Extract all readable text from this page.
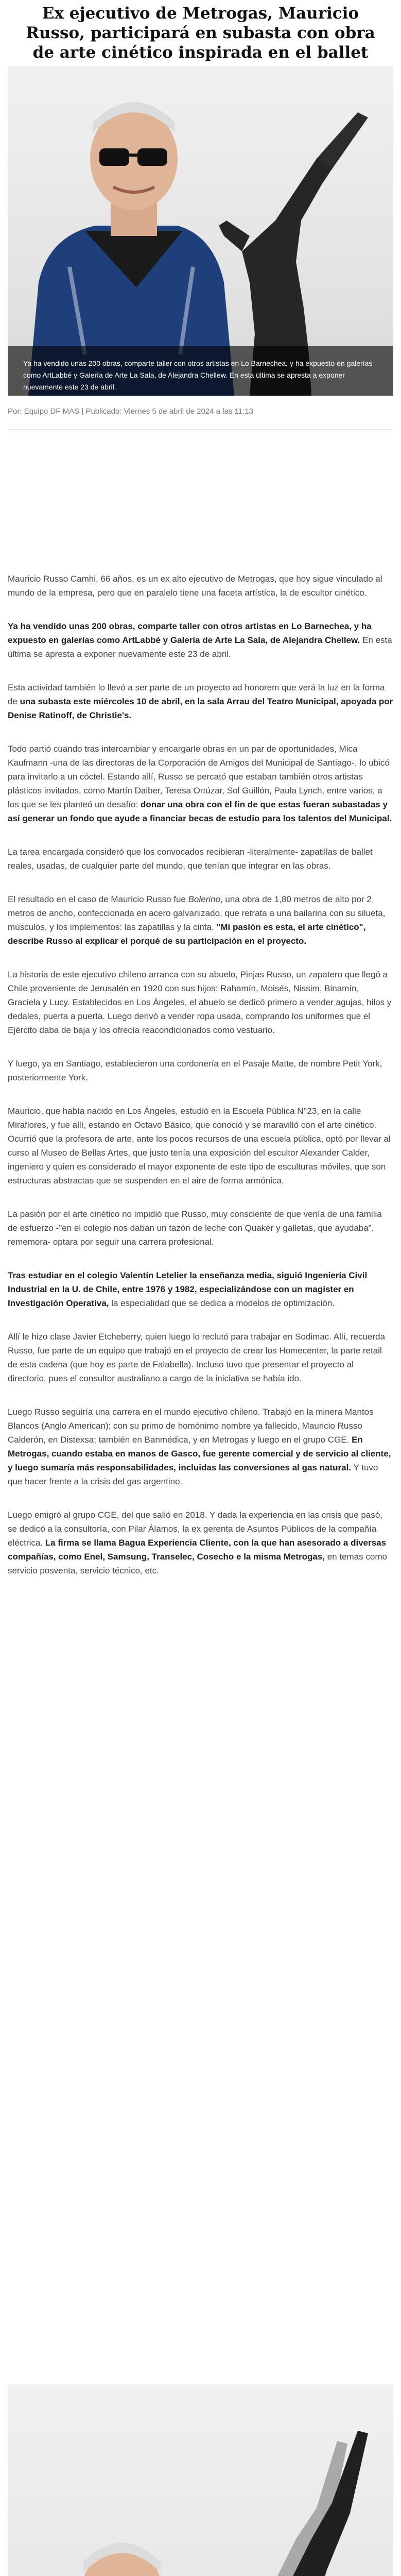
Ex ejecutivo de Metrogas, Mauricio Russo, participará en subasta con obra de arte cinético inspirada en el ballet
Ya ha vendido unas 200 obras, comparte taller con otros artistas en Lo Barnechea, y ha expuesto en galerías como ArtLabbé y Galería de Arte La Sala, de Alejandra Chellew. En esta última se apresta a exponer nuevamente este 23 de abril.
Por: Equipo DF MAS | Publicado: Viernes 5 de abril de 2024 a las 11:13

Mauricio Russo Camhi, 66 años, es un ex alto ejecutivo de Metrogas, que hoy sigue vinculado al mundo de la empresa, pero que en paralelo tiene una faceta artística, la de escultor cinético.

Ya ha vendido unas 200 obras, comparte taller con otros artistas en Lo Barnechea, y ha expuesto en galerías como ArtLabbé y Galería de Arte La Sala, de Alejandra Chellew. En esta última se apresta a exponer nuevamente este 23 de abril.

Esta actividad también lo llevó a ser parte de un proyecto ad honorem que verá la luz en la forma de una subasta este miércoles 10 de abril, en la sala Arrau del Teatro Municipal, apoyada por Denise Ratinoff, de Christie's.

Todo partió cuando tras intercambiar y encargarle obras en un par de oportunidades, Mica Kaufmann -una de las directoras de la Corporación de Amigos del Municipal de Santiago-, lo ubicó para invitarlo a un cóctel. Estando allí, Russo se percató que estaban también otros artistas plásticos invitados, como Martín Daiber, Teresa Ortúzar, Sol Guillón, Paula Lynch, entre varios, a los que se les planteó un desafío: donar una obra con el fin de que estas fueran subastadas y así generar un fondo que ayude a financiar becas de estudio para los talentos del Municipal.

La tarea encargada consideró que los convocados recibieran -literalmente- zapatillas de ballet reales, usadas, de cualquier parte del mundo, que tenían que integrar en las obras.

El resultado en el caso de Mauricio Russo fue Bolerino, una obra de 1,80 metros de alto por 2 metros de ancho, confeccionada en acero galvanizado, que retrata a una bailarina con su silueta, músculos, y los implementos: las zapatillas y la cinta. "Mi pasión es esta, el arte cinético", describe Russo al explicar el porqué de su participación en el proyecto.

La historia de este ejecutivo chileno arranca con su abuelo, Pinjas Russo, un zapatero que llegó a Chile proveniente de Jerusalén en 1920 con sus hijos: Rahamín, Moisés, Nissim, Binamín, Graciela y Lucy. Establecidos en Los Ángeles, el abuelo se dedicó primero a vender agujas, hilos y dedales, puerta a puerta. Luego derivó a vender ropa usada, comprando los uniformes que el Ejército daba de baja y los ofrecía reacondicionados como vestuario.

Y luego, ya en Santiago, establecieron una cordonería en el Pasaje Matte, de nombre Petit York, posteriormente York.

Mauricio, que había nacido en Los Ángeles, estudió en la Escuela Pública N°23, en la calle Miraflores, y fue allí, estando en Octavo Básico, que conoció y se maravilló con el arte cinético. Ocurrió que la profesora de arte, ante los pocos recursos de una escuela pública, optó por llevar al curso al Museo de Bellas Artes, que justo tenía una exposición del escultor Alexander Calder, ingeniero y quien es considerado el mayor exponente de este tipo de esculturas móviles, que son estructuras abstractas que se suspenden en el aire de forma armónica.

La pasión por el arte cinético no impidió que Russo, muy consciente de que venía de una familia de esfuerzo -"en el colegio nos daban un tazón de leche con Quaker y galletas, que ayudaba", rememora- optara por seguir una carrera profesional.

Tras estudiar en el colegio Valentín Letelier la enseñanza media, siguió Ingeniería Civil Industrial en la U. de Chile, entre 1976 y 1982, especializándose con un magíster en Investigación Operativa, la especialidad que se dedica a modelos de optimización.

Allí le hizo clase Javier Etcheberry, quien luego lo reclutó para trabajar en Sodimac. Allí, recuerda Russo, fue parte de un equipo que trabajó en el proyecto de crear los Homecenter, la parte retail de esta cadena (que hoy es parte de Falabella). Incluso tuvo que presentar el proyecto al directorio, pues el consultor australiano a cargo de la iniciativa se había ido.

Luego Russo seguiría una carrera en el mundo ejecutivo chileno. Trabajó en la minera Mantos Blancos (Anglo American); con su primo de homónimo nombre ya fallecido, Mauricio Russo Calderón, en Distexsa; también en Banmédica, y en Metrogas y luego en el grupo CGE. En Metrogas, cuando estaba en manos de Gasco, fue gerente comercial y de servicio al cliente, y luego sumaría más responsabilidades, incluidas las conversiones al gas natural. Y tuvo que hacer frente a la crisis del gas argentino.

Luego emigró al grupo CGE, del que salió en 2018. Y dada la experiencia en las crisis que pasó, se dedicó a la consultoría, con Pilar Álamos, la ex gerenta de Asuntos Públicos de la compañía eléctrica. La firma se llama Bagua Experiencia Cliente, con la que han asesorado a diversas compañías, como Enel, Samsung, Transelec, Cosecho e la misma Metrogas, en temas como servicio posventa, servicio técnico, etc.
